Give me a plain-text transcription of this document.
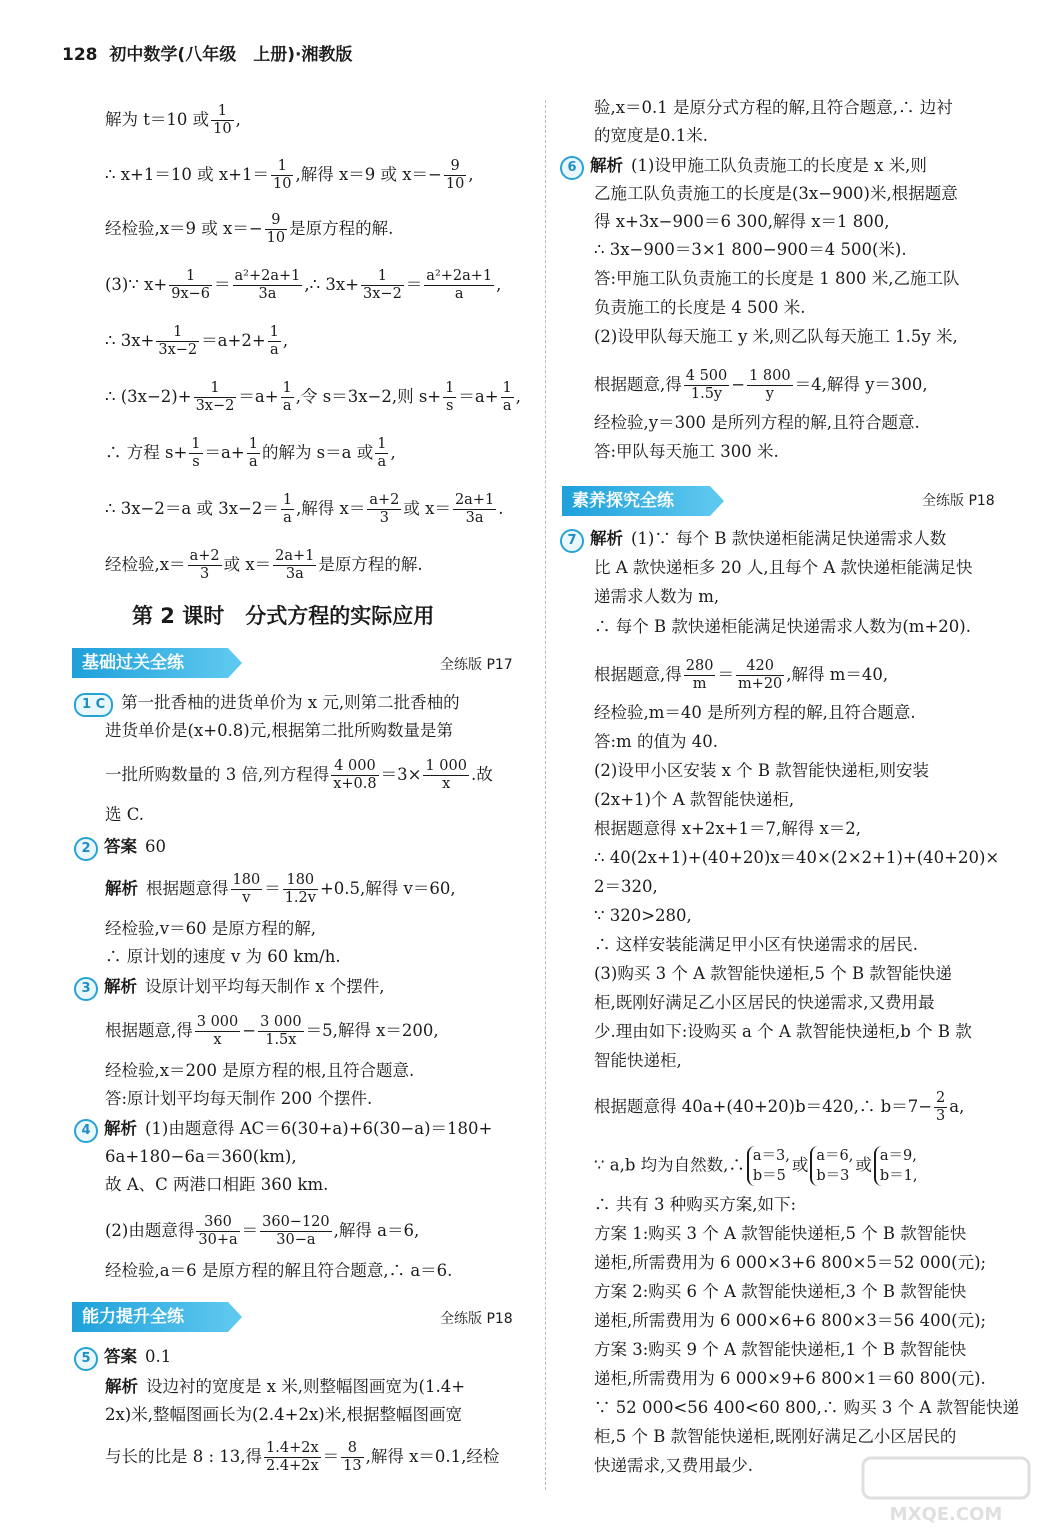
128 初中数学(八年级　上册)·湘教版
解为 t＝10 或 $\frac{1}{10}$ ,
∴ x+1＝10 或 $x+1= \frac{1}{10}$ ,解得 x＝9 或 $x=- \frac{9}{10}$ ,
经检验,x＝9 或 $x=- \frac{9}{10}$ 是原方程的解.
(3)∵ $x+ \frac{1}{9x-6} = \frac{\text{a²+2a+1}}{3a}$ ,∴ $3x+ \frac{1}{3x-2} = \frac{\text{a²+2a+1}}{a}$ ,
∴ $3x+ \frac{1}{3x-2} =a+2+ \frac{1}{a}$ ,
∴ $(3x-2)+ \frac{1}{3x-2} =a+ \frac{1}{a}$ ,令 s＝3x−2,则 $s+ \frac{1}{s} =a+ \frac{1}{a}$ ,
∴ 方程 $s+ \frac{1}{s} =a+ \frac{1}{a}$ 的解为 s＝a 或 $\frac{1}{a}$ ,
∴ 3x−2＝a 或 $3x-2= \frac{1}{a}$ ,解得 $x= \frac{a+2}{3}$ 或 $x= \frac{2a+1}{3a}$ .
经检验$,x= \frac{a+2}{3}$ 或 $x= \frac{2a+1}{3a}$ 是原方程的解.
第 2 课时　分式方程的实际应用
基础过关全练	全练版 P17
1 C 第一批香柚的进货单价为 x 元,则第二批香柚的
进货单价是(x+0.8)元,根据第二批所购数量是第
一批所购数量的 3 倍,列方程得 $\frac{4 000}{x+0.8} =3\times \frac{1 000}{x}$ .故
选 C.
2 答案 60
解析 根据题意得 $\frac{180}{v} = \frac{180}{1.2v} +0.5$,解得 v＝60,
经检验,v＝60 是原方程的解,
∴ 原计划的速度 v 为 60 km/h.
3 解析 设原计划平均每天制作 x 个摆件,
根据题意,得 $\frac{3 000}{x} - \frac{3 000}{1.5x} =5$,解得 x＝200,
经检验,x＝200 是原方程的根,且符合题意.
答:原计划平均每天制作 200 个摆件.
4 解析 (1)由题意得 AC＝6(30+a)+6(30−a)＝180+
6a+180−6a＝360(km),
故 A、C 两港口相距 360 km.
(2)由题意得 $\frac{360}{30+a} = \frac{360-120}{30-a}$ ,解得 a＝6,
经检验,a＝6 是原方程的解且符合题意,∴ a＝6.
能力提升全练	全练版 P18
5 答案 0.1
解析 设边衬的宽度是 x 米,则整幅图画宽为(1.4+
2x)米,整幅图画长为(2.4+2x)米,根据整幅图画宽
与长的比是 8 : 13,得 $\frac{1.4+2x}{2.4+2x} = \frac{8}{13}$ ,解得 x＝0.1,经检
验,x＝0.1 是原分式方程的解,且符合题意,∴ 边衬
的宽度是0.1米.
6 解析 (1)设甲施工队负责施工的长度是 x 米,则
乙施工队负责施工的长度是(3x−900)米,根据题意
得 x+3x−900＝6 300,解得 x＝1 800,
∴ 3x−900＝3×1 800−900＝4 500(米).
答:甲施工队负责施工的长度是 1 800 米,乙施工队
负责施工的长度是 4 500 米.
(2)设甲队每天施工 y 米,则乙队每天施工 1.5y 米,
根据题意,得 $\frac{4 500}{1.5y} - \frac{1 800}{y} =4$,解得 y＝300,
经检验,y＝300 是所列方程的解,且符合题意.
答:甲队每天施工 300 米.
素养探究全练	全练版 P18
7 解析 (1)∵ 每个 B 款快递柜能满足快递需求人数
比 A 款快递柜多 20 人,且每个 A 款快递柜能满足快
递需求人数为 m,
∴ 每个 B 款快递柜能满足快递需求人数为(m+20).
根据题意,得 $\frac{280}{m} = \frac{420}{m+20}$ ,解得 m＝40,
经检验,m＝40 是所列方程的解,且符合题意.
答:m 的值为 40.
(2)设甲小区安装 x 个 B 款智能快递柜,则安装
(2x+1)个 A 款智能快递柜,
根据题意得 x+2x+1＝7,解得 x＝2,
∴ 40(2x+1)+(40+20)x＝40×(2×2+1)+(40+20)×
2＝320,
∵ 320>280,
∴ 这样安装能满足甲小区有快递需求的居民.
(3)购买 3 个 A 款智能快递柜,5 个 B 款智能快递
柜,既刚好满足乙小区居民的快递需求,又费用最
少.理由如下:设购买 a 个 A 款智能快递柜,b 个 B 款
智能快递柜,
根据题意得 40a+(40+20)b＝420,∴ $b=7- \frac{2}{3} a$,
∵ a,b 均为自然数,∴ a＝3,
b＝5
或 a＝6,
b＝3
或 a＝9,
b＝1,
∴ 共有 3 种购买方案,如下:
方案 1:购买 3 个 A 款智能快递柜,5 个 B 款智能快
递柜,所需费用为 6 000×3+6 800×5＝52 000(元);
方案 2:购买 6 个 A 款智能快递柜,3 个 B 款智能快
递柜,所需费用为 6 000×6+6 800×3＝56 400(元);
方案 3:购买 9 个 A 款智能快递柜,1 个 B 款智能快
递柜,所需费用为 6 000×9+6 800×1＝60 800(元).
∵ 52 000<56 400<60 800,∴ 购买 3 个 A 款智能快递
柜,5 个 B 款智能快递柜,既刚好满足乙小区居民的
快递需求,又费用最少.
MXQE.COM
